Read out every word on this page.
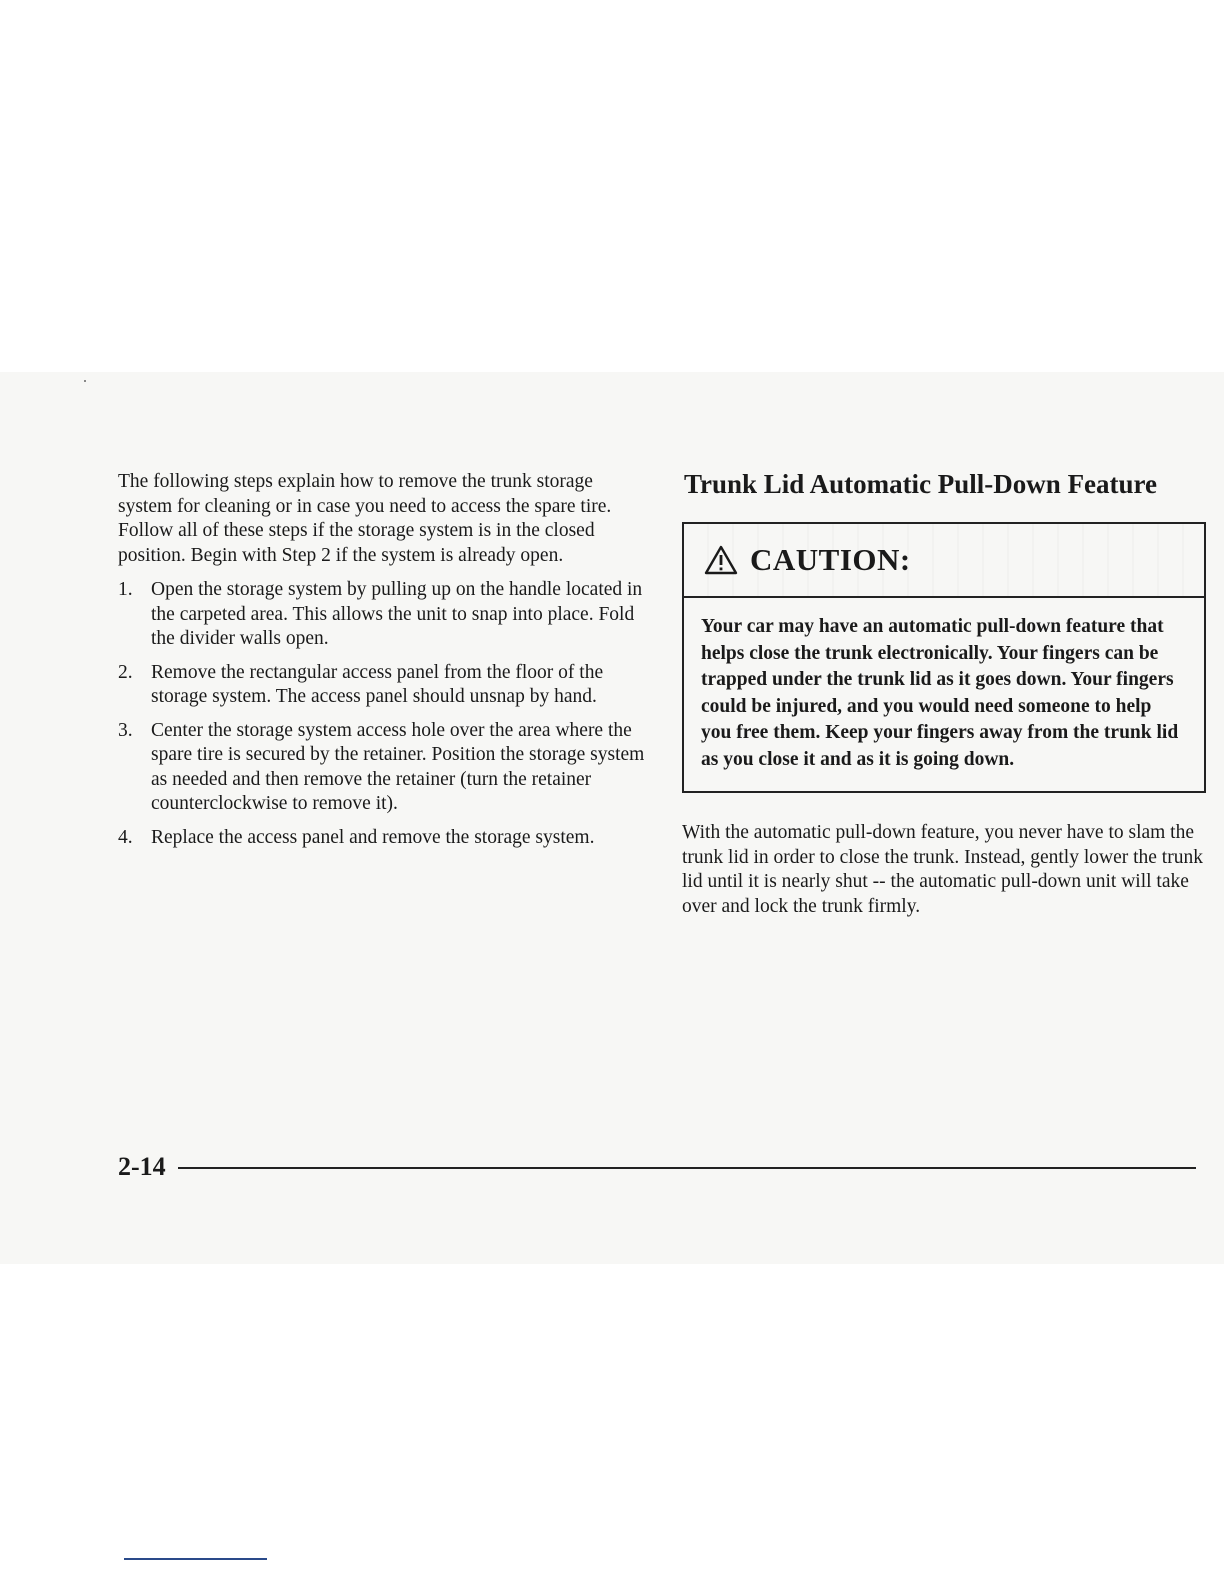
The following steps explain how to remove the trunk storage system for cleaning or in case you need to access the spare tire. Follow all of these steps if the storage system is in the closed position. Begin with Step 2 if the system is already open.

1. Open the storage system by pulling up on the handle located in the carpeted area. This allows the unit to snap into place. Fold the divider walls open.
2. Remove the rectangular access panel from the floor of the storage system. The access panel should unsnap by hand.
3. Center the storage system access hole over the area where the spare tire is secured by the retainer. Position the storage system as needed and then remove the retainer (turn the retainer counterclockwise to remove it).
4. Replace the access panel and remove the storage system.
Trunk Lid Automatic Pull-Down Feature
CAUTION:
Your car may have an automatic pull-down feature that helps close the trunk electronically. Your fingers can be trapped under the trunk lid as it goes down. Your fingers could be injured, and you would need someone to help you free them. Keep your fingers away from the trunk lid as you close it and as it is going down.

With the automatic pull-down feature, you never have to slam the trunk lid in order to close the trunk. Instead, gently lower the trunk lid until it is nearly shut -- the automatic pull-down unit will take over and lock the trunk firmly.

2-14
